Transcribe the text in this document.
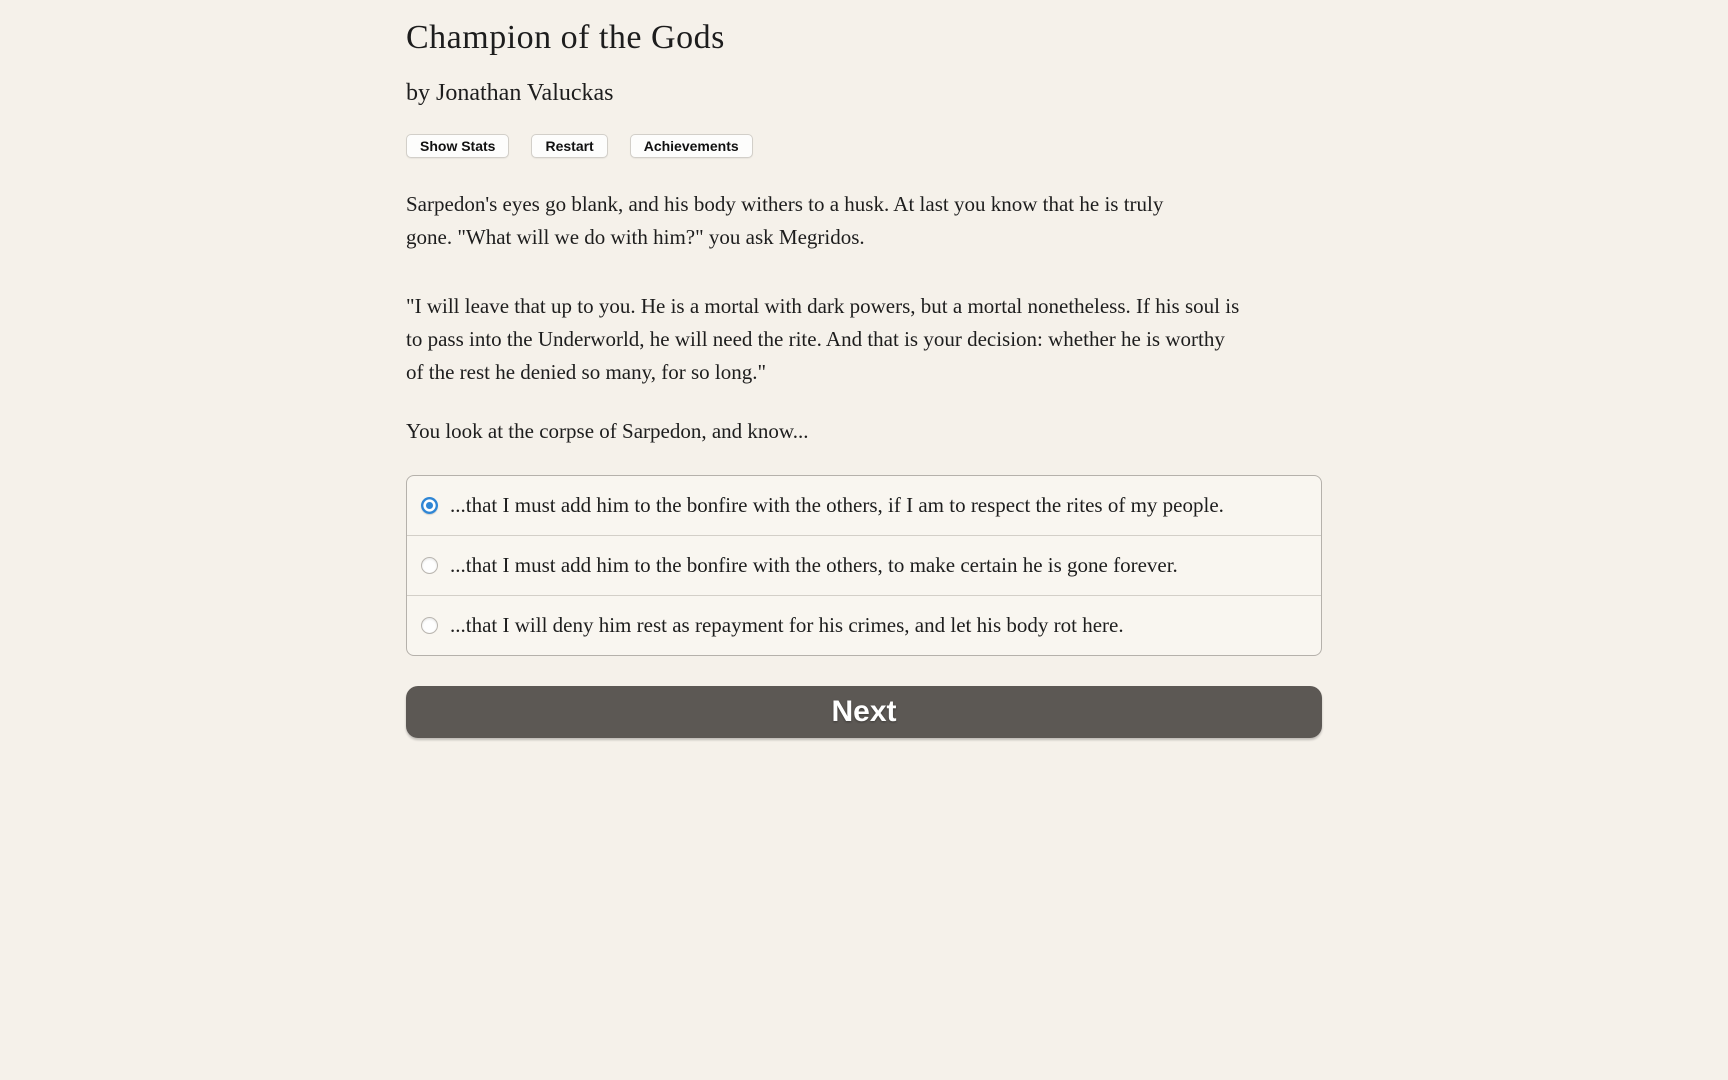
Champion of the Gods

by Jonathan Valuckas

Show Stats	Restart	Achievements

Sarpedon's eyes go blank, and his body withers to a husk. At last you know that he is truly gone. "What will we do with him?" you ask Megridos.

"I will leave that up to you. He is a mortal with dark powers, but a mortal nonetheless. If his soul is to pass into the Underworld, he will need the rite. And that is your decision: whether he is worthy of the rest he denied so many, for so long."

You look at the corpse of Sarpedon, and know...

...that I must add him to the bonfire with the others, if I am to respect the rites of my people.
...that I must add him to the bonfire with the others, to make certain he is gone forever.
...that I will deny him rest as repayment for his crimes, and let his body rot here.
Next
